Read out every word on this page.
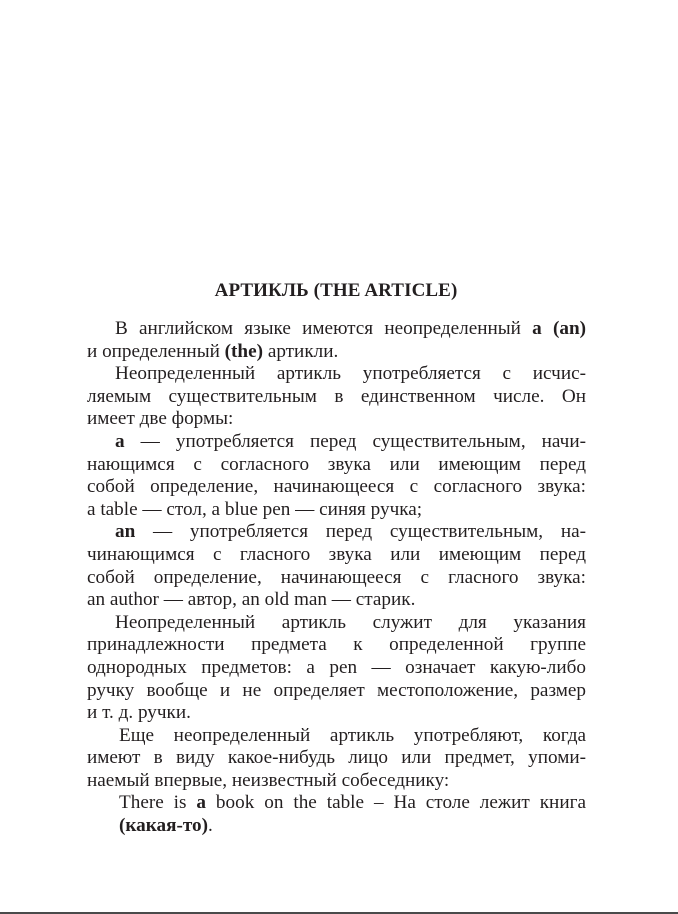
АРТИКЛЬ (THE ARTICLE)
В английском языке имеются неопределенный a (an)
и определенный (the) артикли.
Неопределенный артикль употребляется с исчис-
ляемым существительным в единственном числе. Он
имеет две формы:
a — употребляется перед существительным, начи-
нающимся с согласного звука или имеющим перед
собой определение, начинающееся с согласного звука:
a table — стол, a blue pen — синяя ручка;
an — употребляется перед существительным, на-
чинающимся с гласного звука или имеющим перед
собой определение, начинающееся с гласного звука:
an author — автор, an old man — старик.
Неопределенный артикль служит для указания
принадлежности предмета к определенной группе
однородных предметов: a pen — означает какую-либо
ручку вообще и не определяет местоположение, размер
и т. д. ручки.
Еще неопределенный артикль употребляют, когда
имеют в виду какое-нибудь лицо или предмет, упоми-
наемый впервые, неизвестный собеседнику:
There is a book on the table – На столе лежит книга
(какая-то).
